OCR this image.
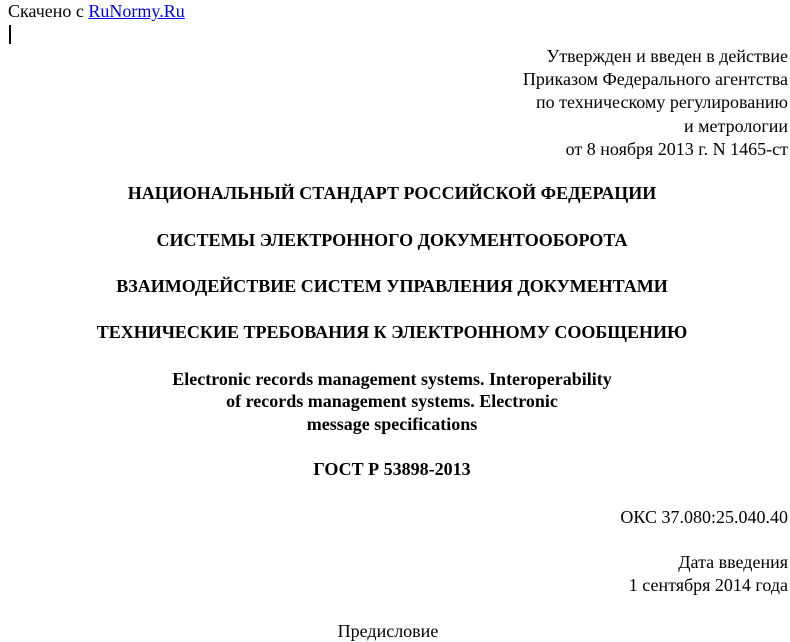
Скачено с RuNormy.Ru
Утвержден и введен в действие
Приказом Федерального агентства
по техническому регулированию
и метрологии
от 8 ноября 2013 г. N 1465-ст
НАЦИОНАЛЬНЫЙ СТАНДАРТ РОССИЙСКОЙ ФЕДЕРАЦИИ
СИСТЕМЫ ЭЛЕКТРОННОГО ДОКУМЕНТООБОРОТА
ВЗАИМОДЕЙСТВИЕ СИСТЕМ УПРАВЛЕНИЯ ДОКУМЕНТАМИ
ТЕХНИЧЕСКИЕ ТРЕБОВАНИЯ К ЭЛЕКТРОННОМУ СООБЩЕНИЮ
Electronic records management systems. Interoperability
of records management systems. Electronic
message specifications
ГОСТ Р 53898-2013
ОКС 37.080:25.040.40
Дата введения
1 сентября 2014 года
Предисловие
